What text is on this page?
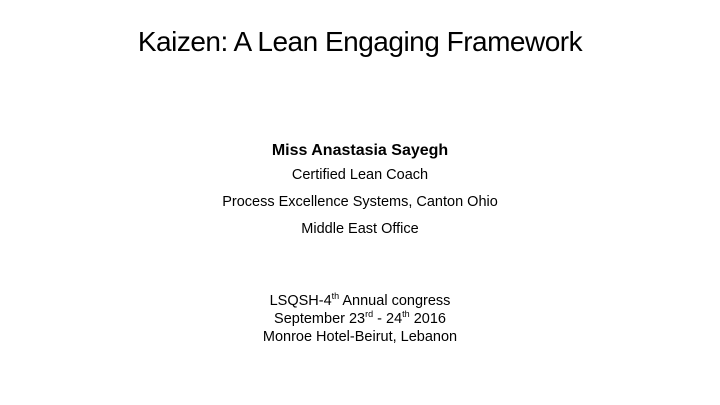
Kaizen: A Lean Engaging Framework
Miss Anastasia Sayegh
Certified Lean Coach
Process Excellence Systems, Canton Ohio
Middle East Office
LSQSH-4th Annual congress
September 23rd - 24th 2016
Monroe Hotel-Beirut, Lebanon
